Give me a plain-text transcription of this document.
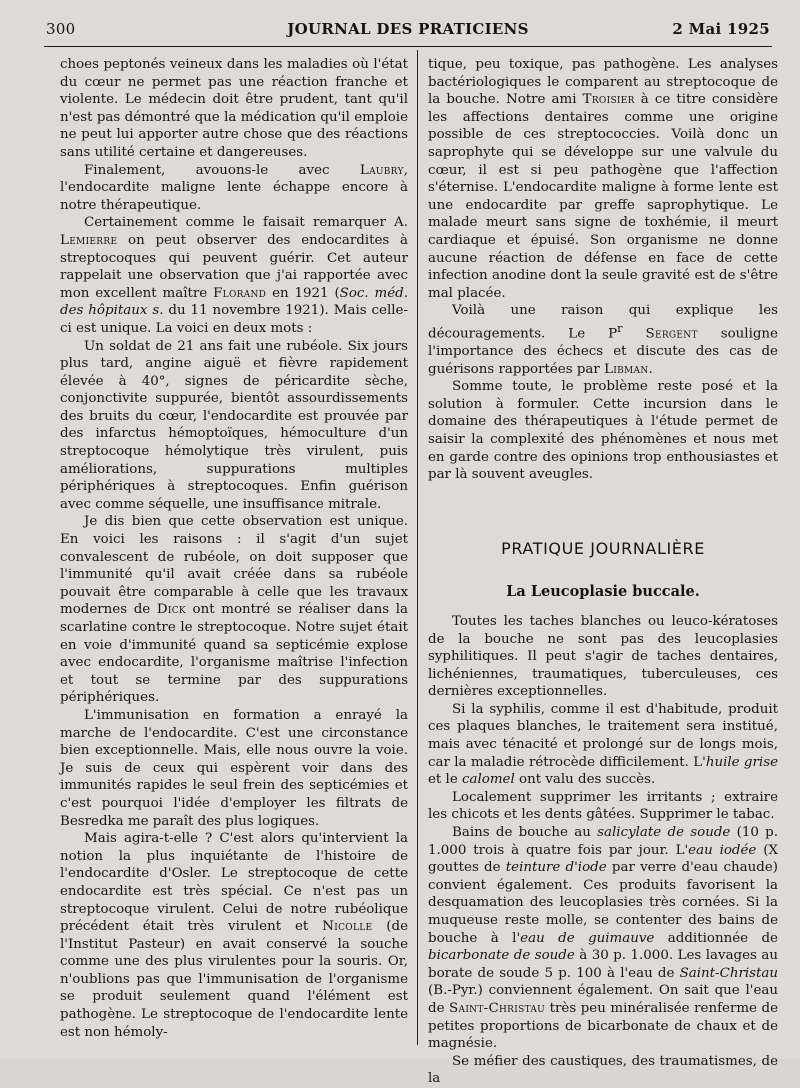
300	JOURNAL DES PRATICIENS	2 Mai 1925

choes peptonés veineux dans les maladies où l'état du cœur ne permet pas une réaction franche et violente. Le médecin doit être prudent, tant qu'il n'est pas démontré que la médication qu'il emploie ne peut lui apporter autre chose que des réactions sans utilité certaine et dangereuses.

Finalement, avouons-le avec Laubry, l'endocardite maligne lente échappe encore à notre thérapeutique.

Certainement comme le faisait remarquer A. Lemierre on peut observer des endocardites à streptocoques qui peuvent guérir. Cet auteur rappelait une observation que j'ai rapportée avec mon excellent maître Florand en 1921 (Soc. méd. des hôpitaux s. du 11 novembre 1921). Mais celle-ci est unique. La voici en deux mots :

Un soldat de 21 ans fait une rubéole. Six jours plus tard, angine aiguë et fièvre rapidement élevée à 40°, signes de péricardite sèche, conjonctivite suppurée, bientôt assourdissements des bruits du cœur, l'endocardite est prouvée par des infarctus hémoptoïques, hémoculture d'un streptocoque hémolytique très virulent, puis améliorations, suppurations multiples périphériques à streptocoques. Enfin guérison avec comme séquelle, une insuffisance mitrale.

Je dis bien que cette observation est unique. En voici les raisons : il s'agit d'un sujet convalescent de rubéole, on doit supposer que l'immunité qu'il avait créée dans sa rubéole pouvait être comparable à celle que les travaux modernes de Dick ont montré se réaliser dans la scarlatine contre le streptocoque. Notre sujet était en voie d'immunité quand sa septicémie explose avec endocardite, l'organisme maîtrise l'infection et tout se termine par des suppurations périphériques.

L'immunisation en formation a enrayé la marche de l'endocardite. C'est une circonstance bien exceptionnelle. Mais, elle nous ouvre la voie. Je suis de ceux qui espèrent voir dans des immunités rapides le seul frein des septicémies et c'est pourquoi l'idée d'employer les filtrats de Besredka me paraît des plus logiques.

Mais agira-t-elle ? C'est alors qu'intervient la notion la plus inquiétante de l'histoire de l'endocardite d'Osler. Le streptocoque de cette endocardite est très spécial. Ce n'est pas un streptocoque virulent. Celui de notre rubéolique précédent était très virulent et Nicolle (de l'Institut Pasteur) en avait conservé la souche comme une des plus virulentes pour la souris. Or, n'oublions pas que l'immunisation de l'organisme se produit seulement quand l'élément est pathogène. Le streptocoque de l'endocardite lente est non hémoly-

tique, peu toxique, pas pathogène. Les analyses bactériologiques le comparent au streptocoque de la bouche. Notre ami Troisier à ce titre considère les affections dentaires comme une origine possible de ces streptococcies. Voilà donc un saprophyte qui se développe sur une valvule du cœur, il est si peu pathogène que l'affection s'éternise. L'endocardite maligne à forme lente est une endocardite par greffe saprophytique. Le malade meurt sans signe de toxhémie, il meurt cardiaque et épuisé. Son organisme ne donne aucune réaction de défense en face de cette infection anodine dont la seule gravité est de s'être mal placée.

Voilà une raison qui explique les découragements. Le $P^r$ Sergent souligne l'importance des échecs et discute des cas de guérisons rapportées par Libman.

Somme toute, le problème reste posé et la solution à formuler. Cette incursion dans le domaine des thérapeutiques à l'étude permet de saisir la complexité des phénomènes et nous met en garde contre des opinions trop enthousiastes et par là souvent aveugles.

PRATIQUE JOURNALIÈRE
La Leucoplasie buccale.

Toutes les taches blanches ou leuco-kératoses de la bouche ne sont pas des leucoplasies syphilitiques. Il peut s'agir de taches dentaires, lichéniennes, traumatiques, tuberculeuses, ces dernières exceptionnelles.

Si la syphilis, comme il est d'habitude, produit ces plaques blanches, le traitement sera institué, mais avec ténacité et prolongé sur de longs mois, car la maladie rétrocède difficilement. L'huile grise et le calomel ont valu des succès.

Localement supprimer les irritants ; extraire les chicots et les dents gâtées. Supprimer le tabac.

Bains de bouche au salicylate de soude (10 p. 1.000 trois à quatre fois par jour. L'eau iodée (X gouttes de teinture d'iode par verre d'eau chaude) convient également. Ces produits favorisent la desquamation des leucoplasies très cornées. Si la muqueuse reste molle, se contenter des bains de bouche à l'eau de guimauve additionnée de bicarbonate de soude à 30 p. 1.000. Les lavages au borate de soude 5 p. 100 à l'eau de Saint-Christau (B.-Pyr.) conviennent également. On sait que l'eau de Saint-Christau très peu minéralisée renferme de petites proportions de bicarbonate de chaux et de magnésie.

Se méfier des caustiques, des traumatismes, de la
